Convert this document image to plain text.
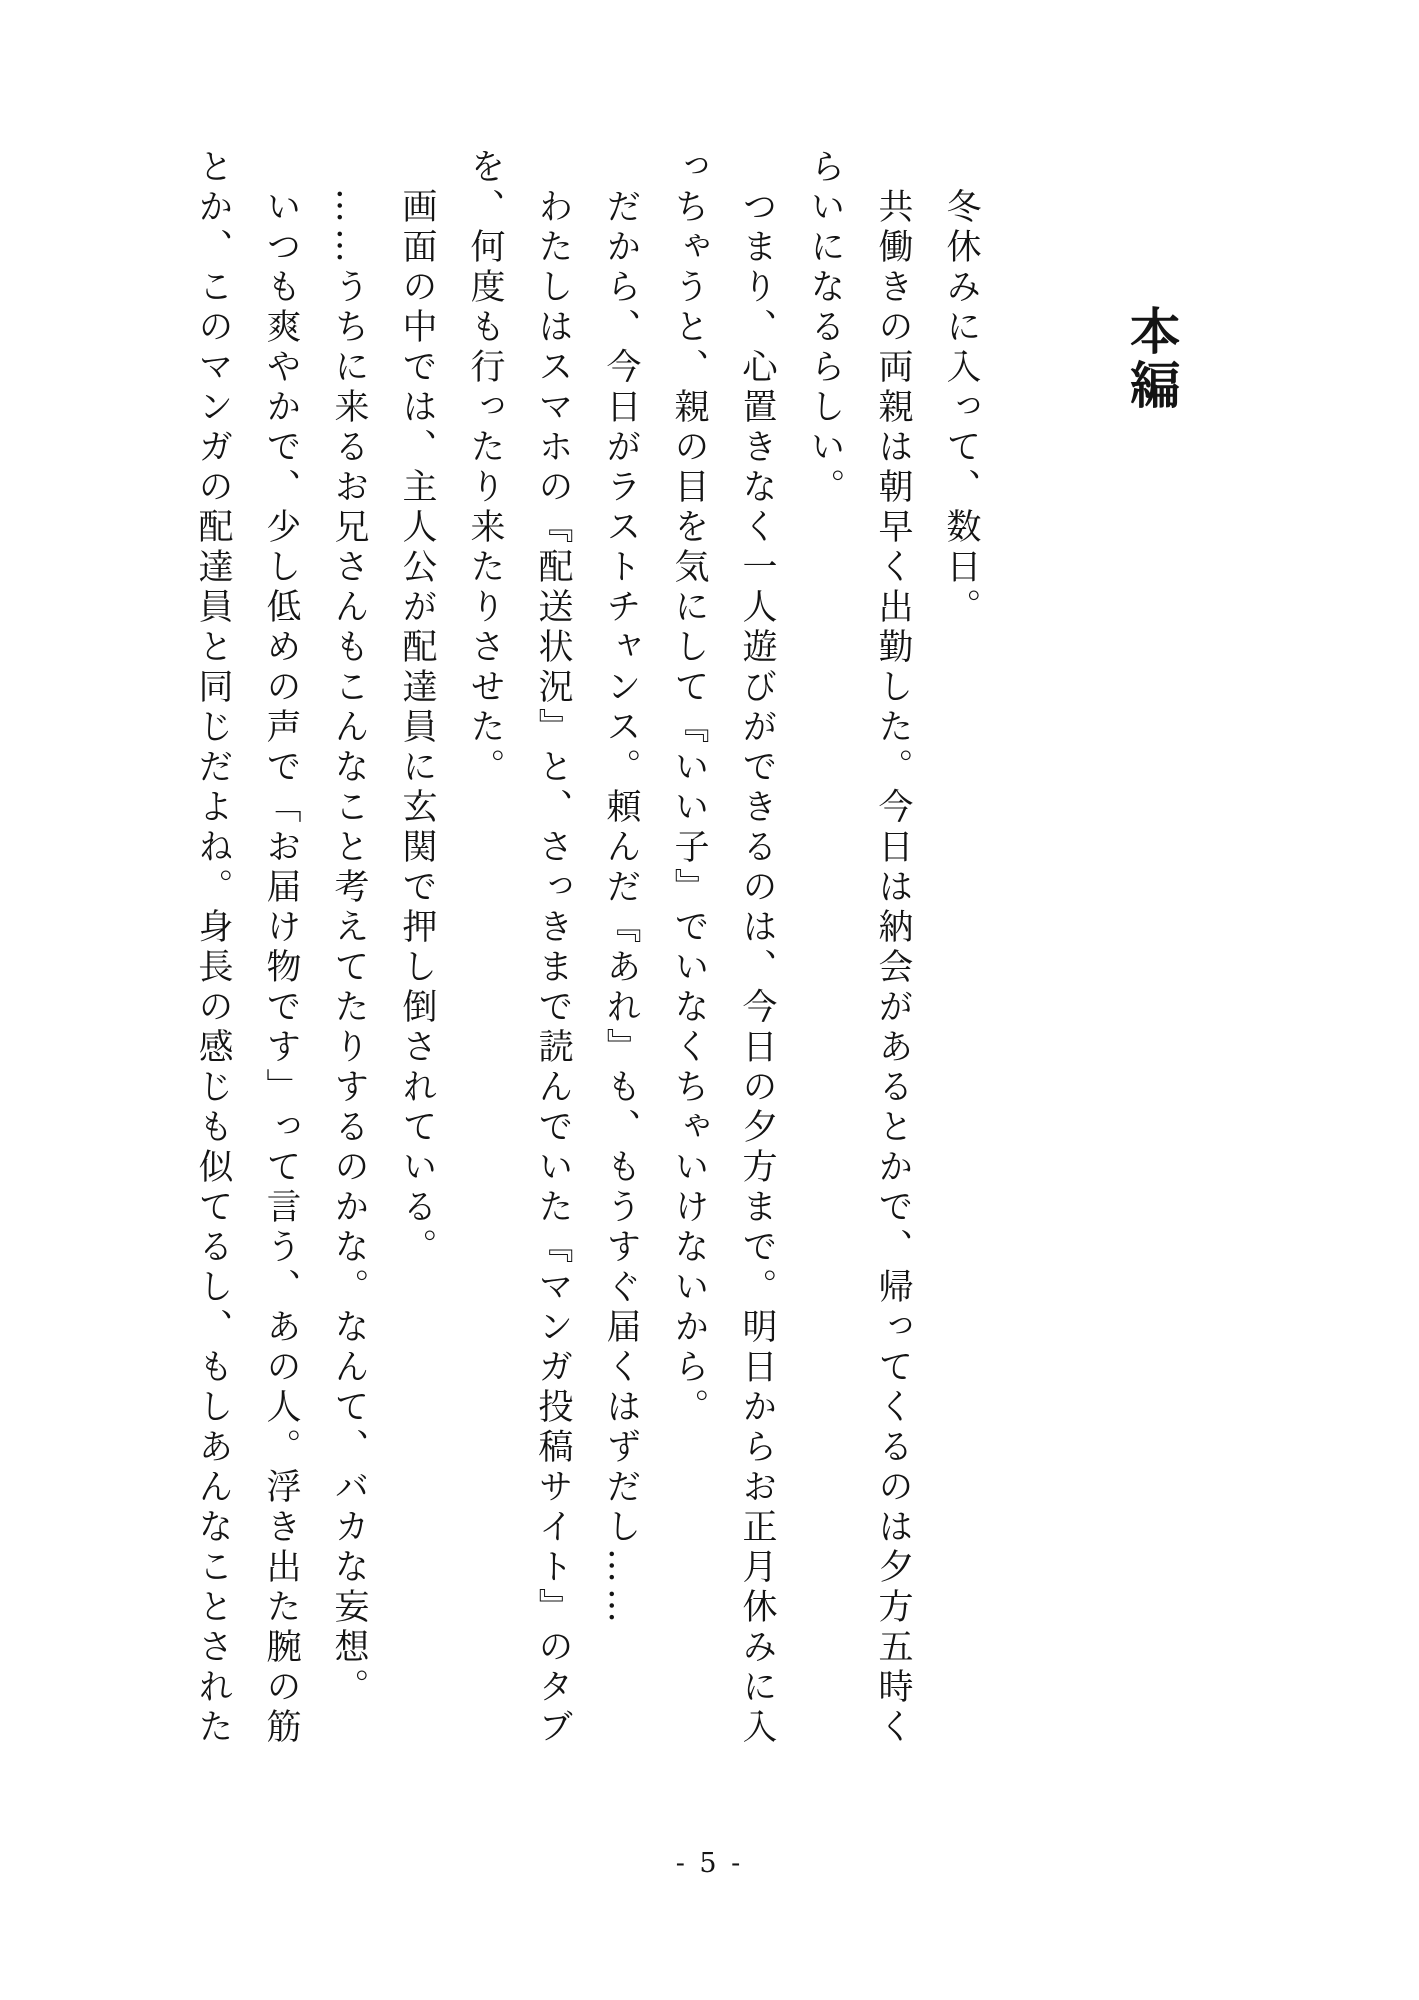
本編

　冬休みに入って、数日。

　共働きの両親は朝早く出勤した。今日は納会があるとかで、帰ってくるのは夕方五時く

らいになるらしい。

　つまり、心置きなく一人遊びができるのは、今日の夕方まで。明日からお正月休みに入

っちゃうと、親の目を気にして『いい子』でいなくちゃいけないから。

　だから、今日がラストチャンス。頼んだ『あれ』も、もうすぐ届くはずだし……

　わたしはスマホの『配送状況』と、さっきまで読んでいた『マンガ投稿サイト』のタブ

を、何度も行ったり来たりさせた。

　画面の中では、主人公が配達員に玄関で押し倒されている。

　……うちに来るお兄さんもこんなこと考えてたりするのかな。なんて、バカな妄想。

　いつも爽やかで、少し低めの声で「お届け物です」って言う、あの人。浮き出た腕の筋

とか、このマンガの配達員と同じだよね。身長の感じも似てるし、もしあんなことされた

- 5 -
